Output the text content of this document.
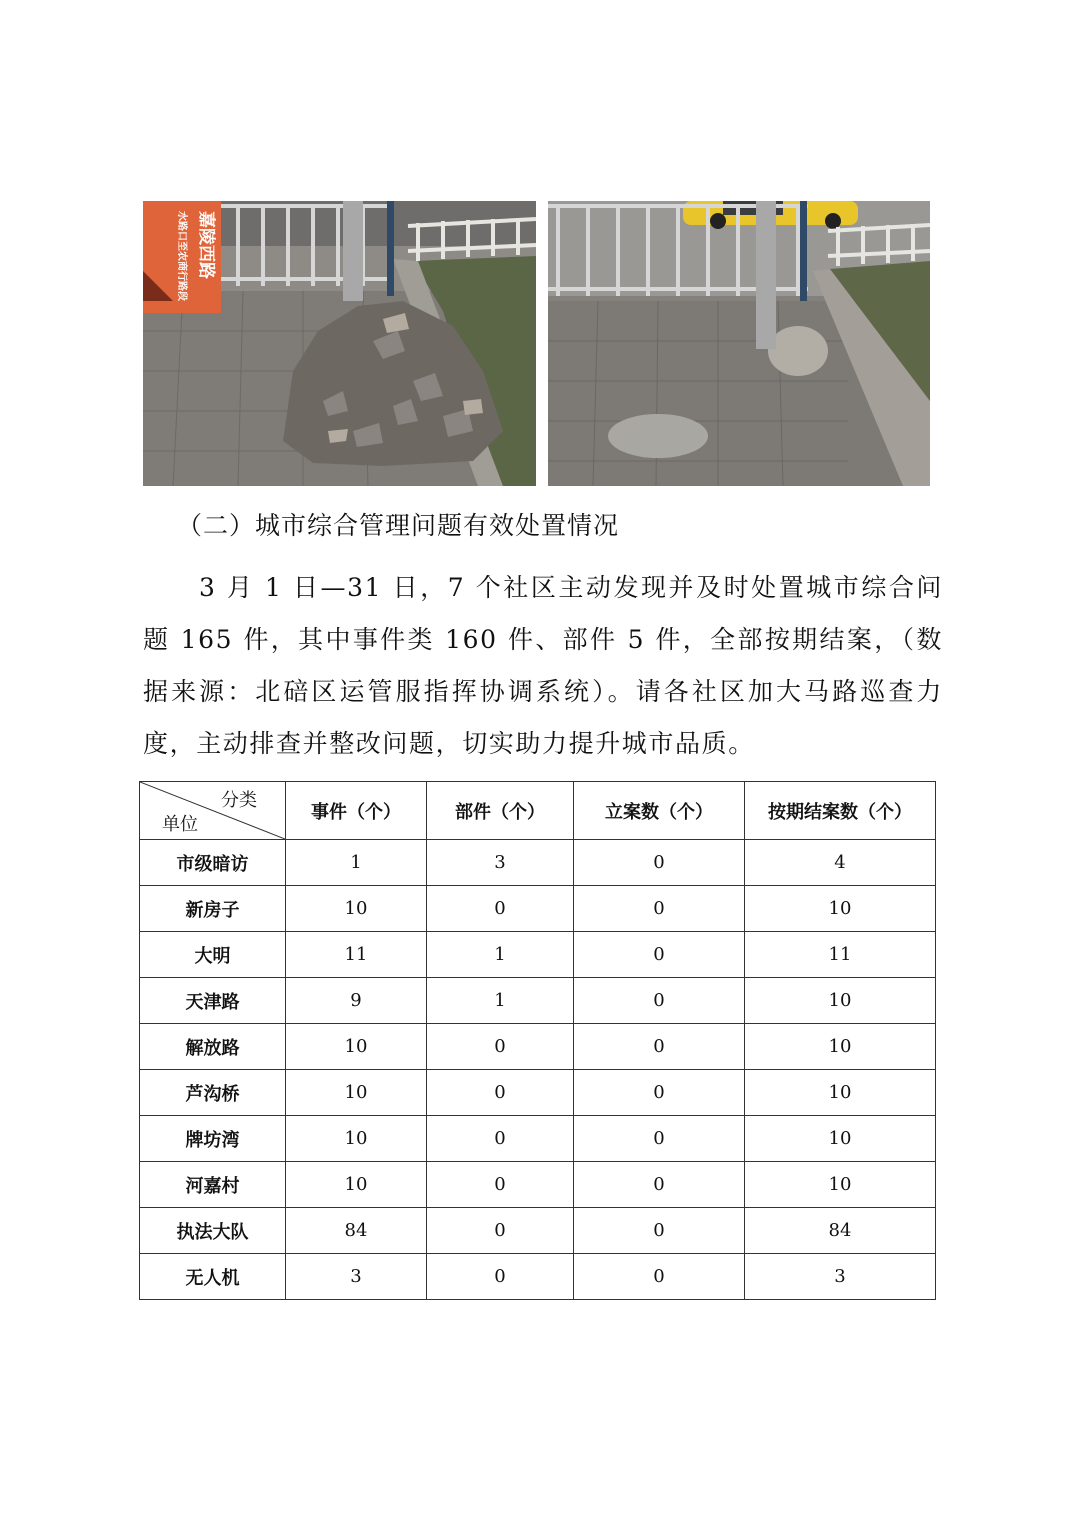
嘉陵西路
水路口至农商行路段
（二）城市综合管理问题有效处置情况

3 月 1 日—31 日，7 个社区主动发现并及时处置城市综合问题 165 件，其中事件类 160 件、部件 5 件，全部按期结案，（数据来源：北碚区运管服指挥协调系统）。请各社区加大马路巡查力度，主动排查并整改问题，切实助力提升城市品质。

分类
单位	事件（个）	部件（个）	立案数（个）	按期结案数（个）
市级暗访	1	3	0	4
新房子	10	0	0	10
大明	11	1	0	11
天津路	9	1	0	10
解放路	10	0	0	10
芦沟桥	10	0	0	10
牌坊湾	10	0	0	10
河嘉村	10	0	0	10
执法大队	84	0	0	84
无人机	3	0	0	3
